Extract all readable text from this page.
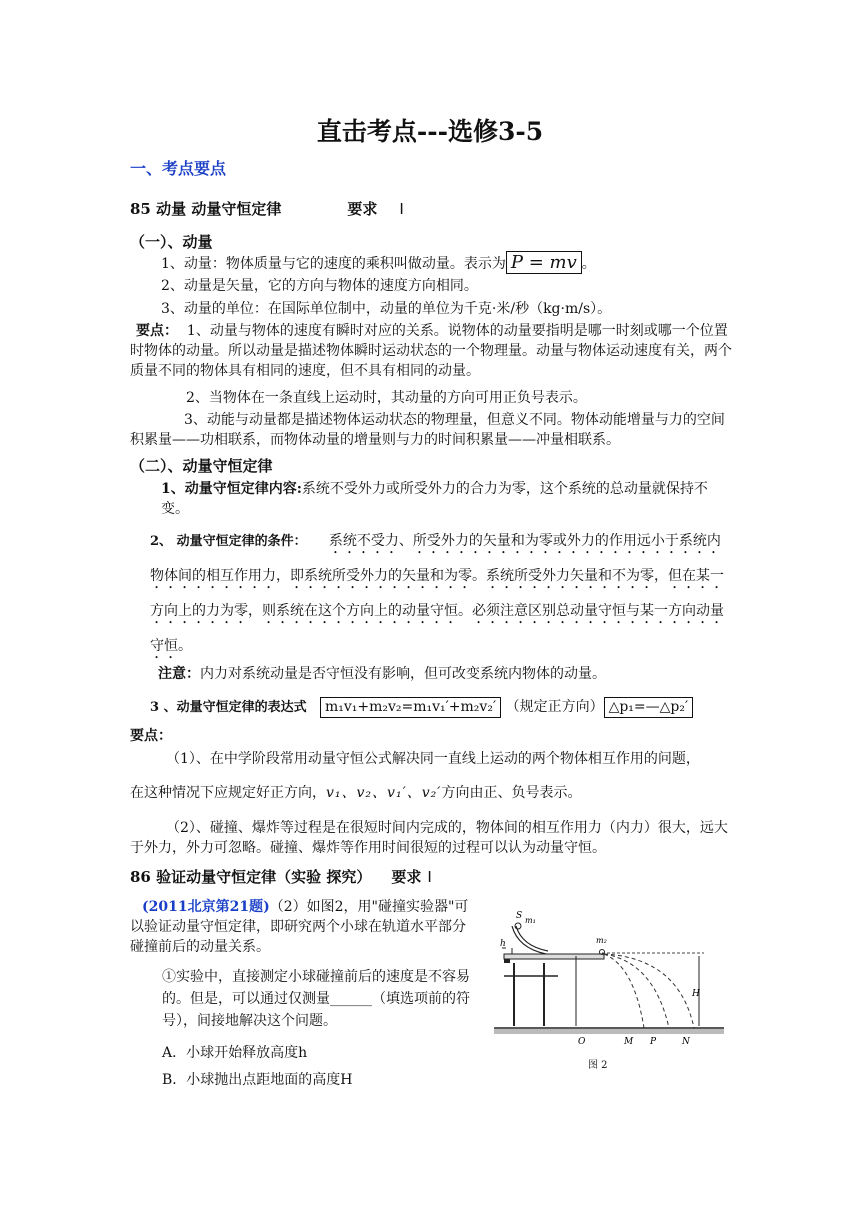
直击考点---选修3-5
一、考点要点
85 动量 动量守恒定律	要求 Ⅰ
（一）、动量
1、动量：物体质量与它的速度的乘积叫做动量。表示为 P = mv 。
2、动量是矢量，它的方向与物体的速度方向相同。
3、动量的单位：在国际单位制中，动量的单位为千克·米/秒（kg·m/s）。
要点： 1、动量与物体的速度有瞬时对应的关系。说物体的动量要指明是哪一时刻或哪一个位置时物体的动量。所以动量是描述物体瞬时运动状态的一个物理量。动量与物体运动速度有关，两个质量不同的物体具有相同的速度，但不具有相同的动量。
2、当物体在一条直线上运动时，其动量的方向可用正负号表示。
3、动能与动量都是描述物体运动状态的物理量，但意义不同。物体动能增量与力的空间积累量——功相联系，而物体动量的增量则与力的时间积累量——冲量相联系。
（二）、动量守恒定律
1、动量守恒定律内容:系统不受外力或所受外力的合力为零，这个系统的总动量就保持不变。
2、 动量守恒定律的条件： 系统不受力、所受外力的矢量和为零或外力的作用远小于系统内物体间的相互作用力，即系统所受外力的矢量和为零。系统所受外力矢量和不为零，但在某一方向上的力为零，则系统在这个方向上的动量守恒。必须注意区别总动量守恒与某一方向动量守恒。
注意：内力对系统动量是否守恒没有影响，但可改变系统内物体的动量。
3 、动量守恒定律的表达式 m₁v₁+m₂v₂=m₁v₁′+m₂v₂′ （规定正方向） △p₁=—△p₂′
要点：
（1）、在中学阶段常用动量守恒公式解决同一直线上运动的两个物体相互作用的问题，
在这种情况下应规定好正方向，v₁、v₂、v₁′、v₂′方向由正、负号表示。
（2）、碰撞、爆炸等过程是在很短时间内完成的，物体间的相互作用力（内力）很大，远大于外力，外力可忽略。碰撞、爆炸等作用时间很短的过程可以认为动量守恒。
86 验证动量守恒定律（实验 探究） 要求 Ⅰ
(2011北京第21题)（2）如图2，用"碰撞实验器"可以验证动量守恒定律，即研究两个小球在轨道水平部分碰撞前后的动量关系。
①实验中，直接测定小球碰撞前后的速度是不容易的。但是，可以通过仅测量______（填选项前的符号），间接地解决这个问题。
A．小球开始释放高度h
B．小球抛出点距地面的高度H
h
S m₁
m₂
H
O	M P	N
图 2
